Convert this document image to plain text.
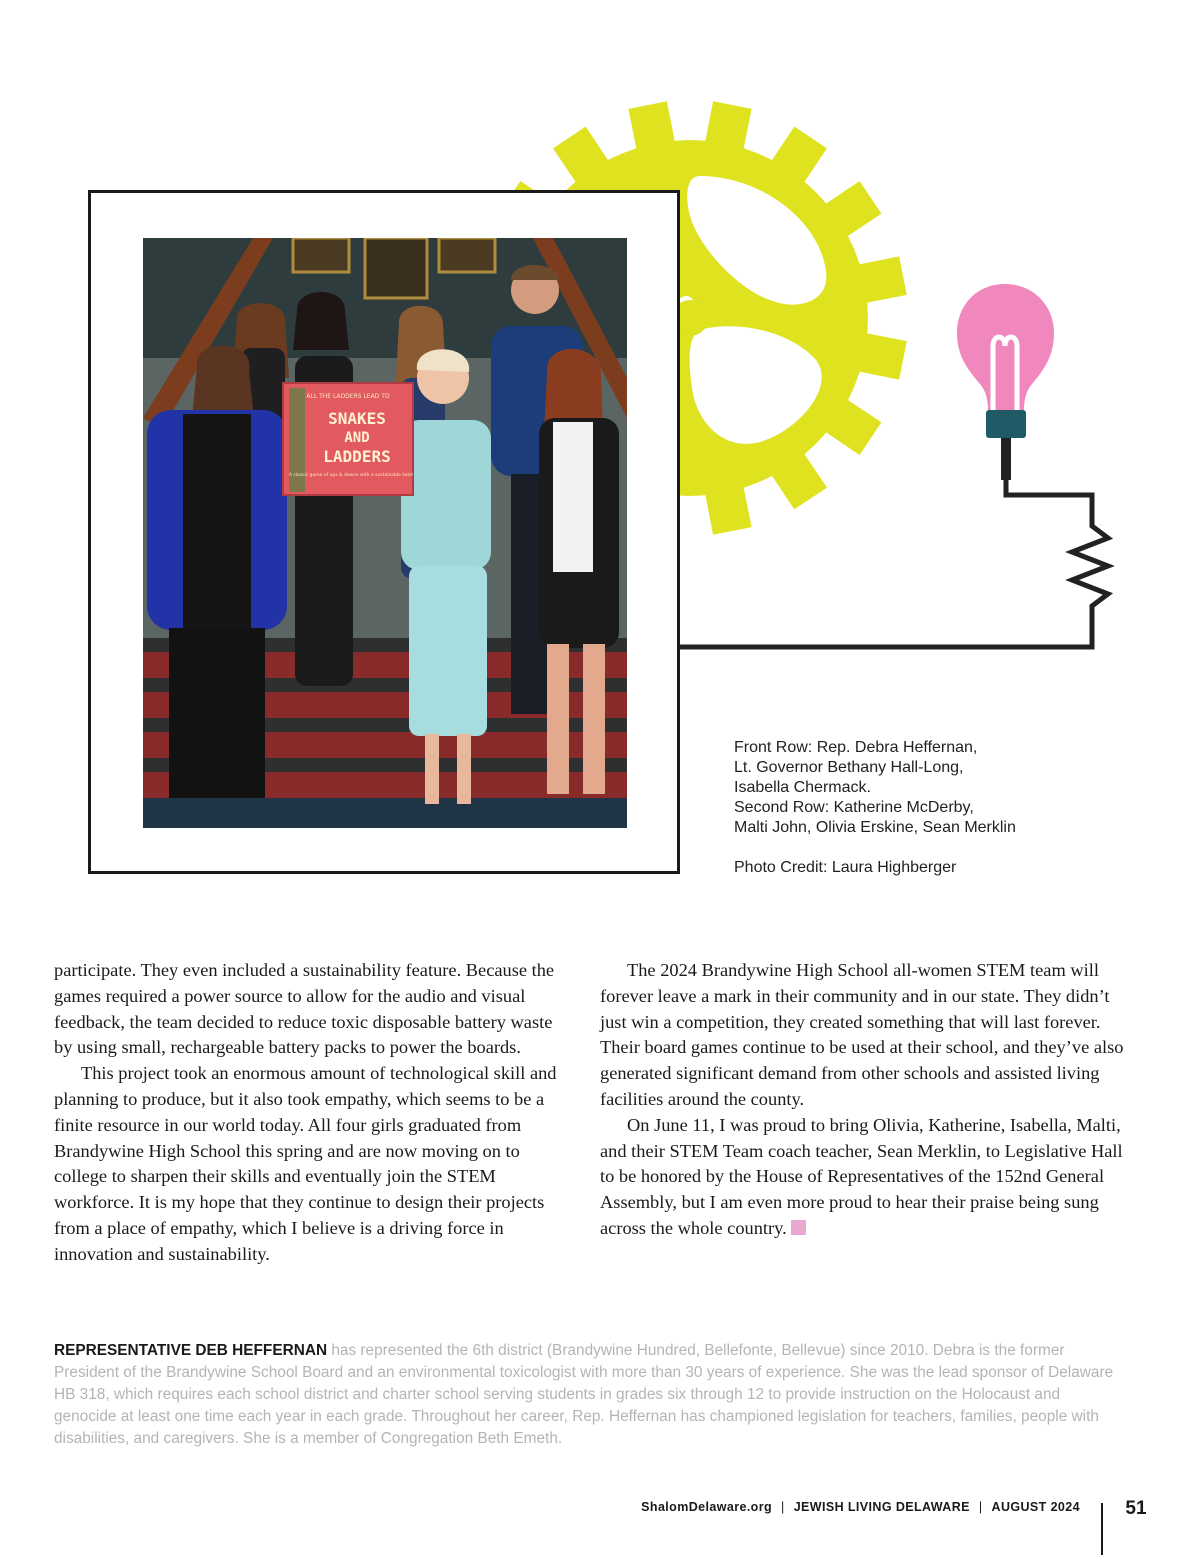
ALL THE LADDERS LEAD TO
SNAKES
AND
LADDERS
A classic game of ups & downs with a sustainable twist
Front Row: Rep. Debra Heffernan,
Lt. Governor Bethany Hall-Long,
Isabella Chermack.
Second Row: Katherine McDerby,
Malti John, Olivia Erskine, Sean Merklin
Photo Credit: Laura Highberger

participate. They even included a sustainability feature. Because the games required a power source to allow for the audio and visual feedback, the team decided to reduce toxic disposable battery waste by using small, rechargeable battery packs to power the boards.

This project took an enormous amount of technological skill and planning to produce, but it also took empathy, which seems to be a finite resource in our world today. All four girls graduated from Brandywine High School this spring and are now moving on to college to sharpen their skills and eventually join the STEM workforce. It is my hope that they continue to design their projects from a place of empathy, which I believe is a driving force in innovation and sustainability.

The 2024 Brandywine High School all-women STEM team will forever leave a mark in their community and in our state. They didn’t just win a competition, they created something that will last forever. Their board games continue to be used at their school, and they’ve also generated significant demand from other schools and assisted living facilities around the county.

On June 11, I was proud to bring Olivia, Katherine, Isabella, Malti, and their STEM Team coach teacher, Sean Merklin, to Legislative Hall to be honored by the House of Representatives of the 152nd General Assembly, but I am even more proud to hear their praise being sung across the whole country.

REPRESENTATIVE DEB HEFFERNAN has represented the 6th district (Brandywine Hundred, Bellefonte, Bellevue) since 2010. Debra is the former President of the Brandywine School Board and an environmental toxicologist with more than 30 years of experience. She was the lead sponsor of Delaware HB 318, which requires each school district and charter school serving students in grades six through 12 to provide instruction on the Holocaust and genocide at least one time each year in each grade. Throughout her career, Rep. Heffernan has championed legislation for teachers, families, people with disabilities, and caregivers. She is a member of Congregation Beth Emeth.
ShalomDelaware.org | JEWISH LIVING DELAWARE | AUGUST 2024	51
